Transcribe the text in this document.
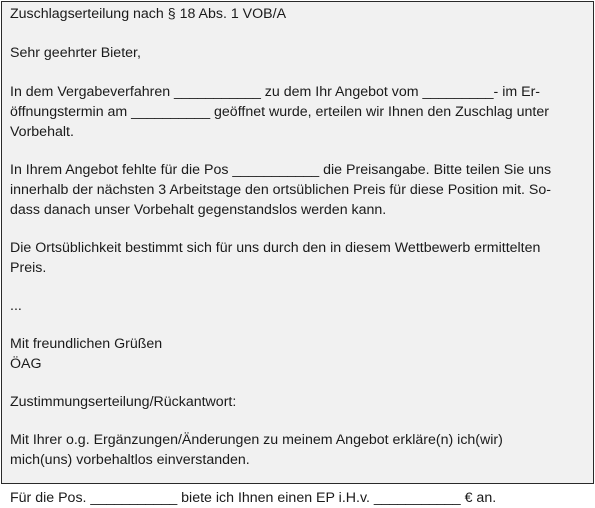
Zuschlagserteilung nach § 18 Abs. 1 VOB/A

Sehr geehrter Bieter,

In dem Vergabeverfahren ___________ zu dem Ihr Angebot vom _________- im Er-
öffnungstermin am __________ geöffnet wurde, erteilen wir Ihnen den Zuschlag unter
Vorbehalt.

In Ihrem Angebot fehlte für die Pos ___________ die Preisangabe. Bitte teilen Sie uns
innerhalb der nächsten 3 Arbeitstage den ortsüblichen Preis für diese Position mit. So-
dass danach unser Vorbehalt gegenstandslos werden kann.

Die Ortsüblichkeit bestimmt sich für uns durch den in diesem Wettbewerb ermittelten
Preis.

...

Mit freundlichen Grüßen
ÖAG

Zustimmungserteilung/Rückantwort:

Mit Ihrer o.g. Ergänzungen/Änderungen zu meinem Angebot erkläre(n) ich(wir)
mich(uns) vorbehaltlos einverstanden.

Für die Pos. ___________ biete ich Ihnen einen EP i.H.v. ___________ € an.
